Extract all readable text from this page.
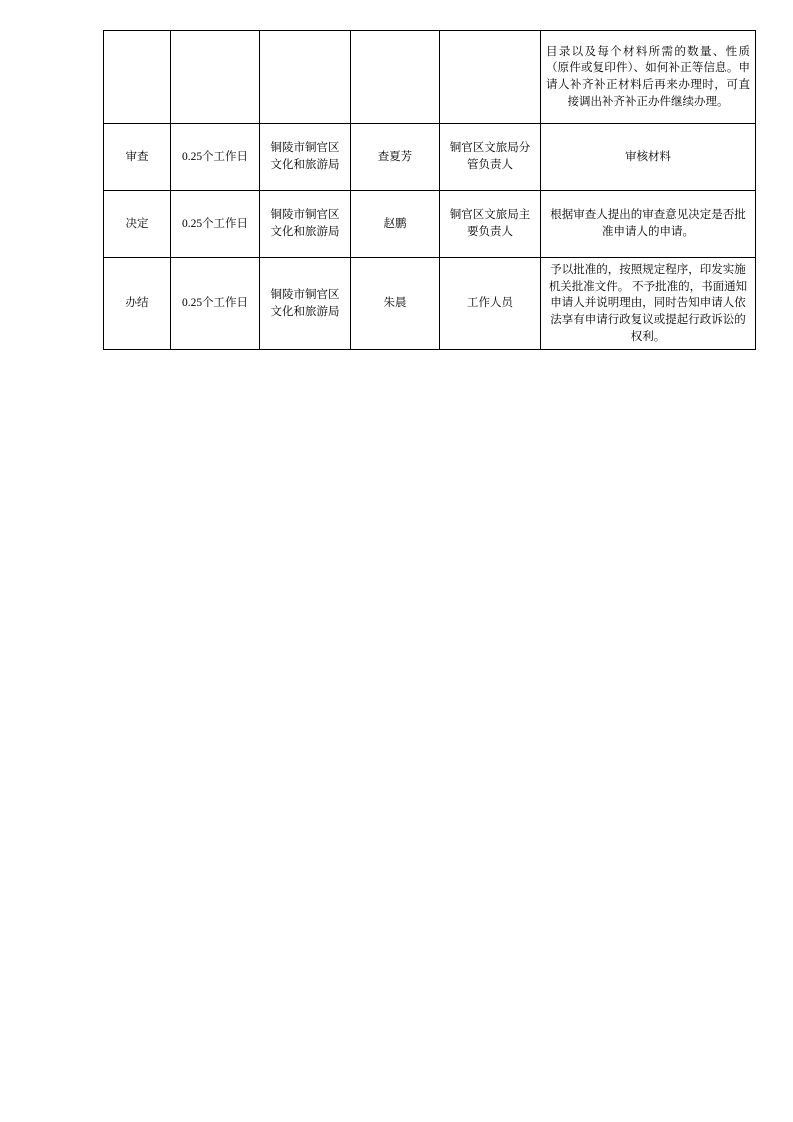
					目录以及每个材料所需的数量、性质（原件或复印件）、如何补正等信息。申请人补齐补正材料后再来办理时，可直接调出补齐补正办件继续办理。

审查	0.25个工作日	铜陵市铜官区文化和旅游局	查夏芳	铜官区文旅局分管负责人	审核材料

决定	0.25个工作日	铜陵市铜官区文化和旅游局	赵鹏	铜官区文旅局主要负责人	根据审查人提出的审查意见决定是否批准申请人的申请。

办结	0.25个工作日	铜陵市铜官区文化和旅游局	朱晨	工作人员	予以批准的，按照规定程序，印发实施机关批准文件。 不予批准的，书面通知申请人并说明理由，同时告知申请人依法享有申请行政复议或提起行政诉讼的权利。
